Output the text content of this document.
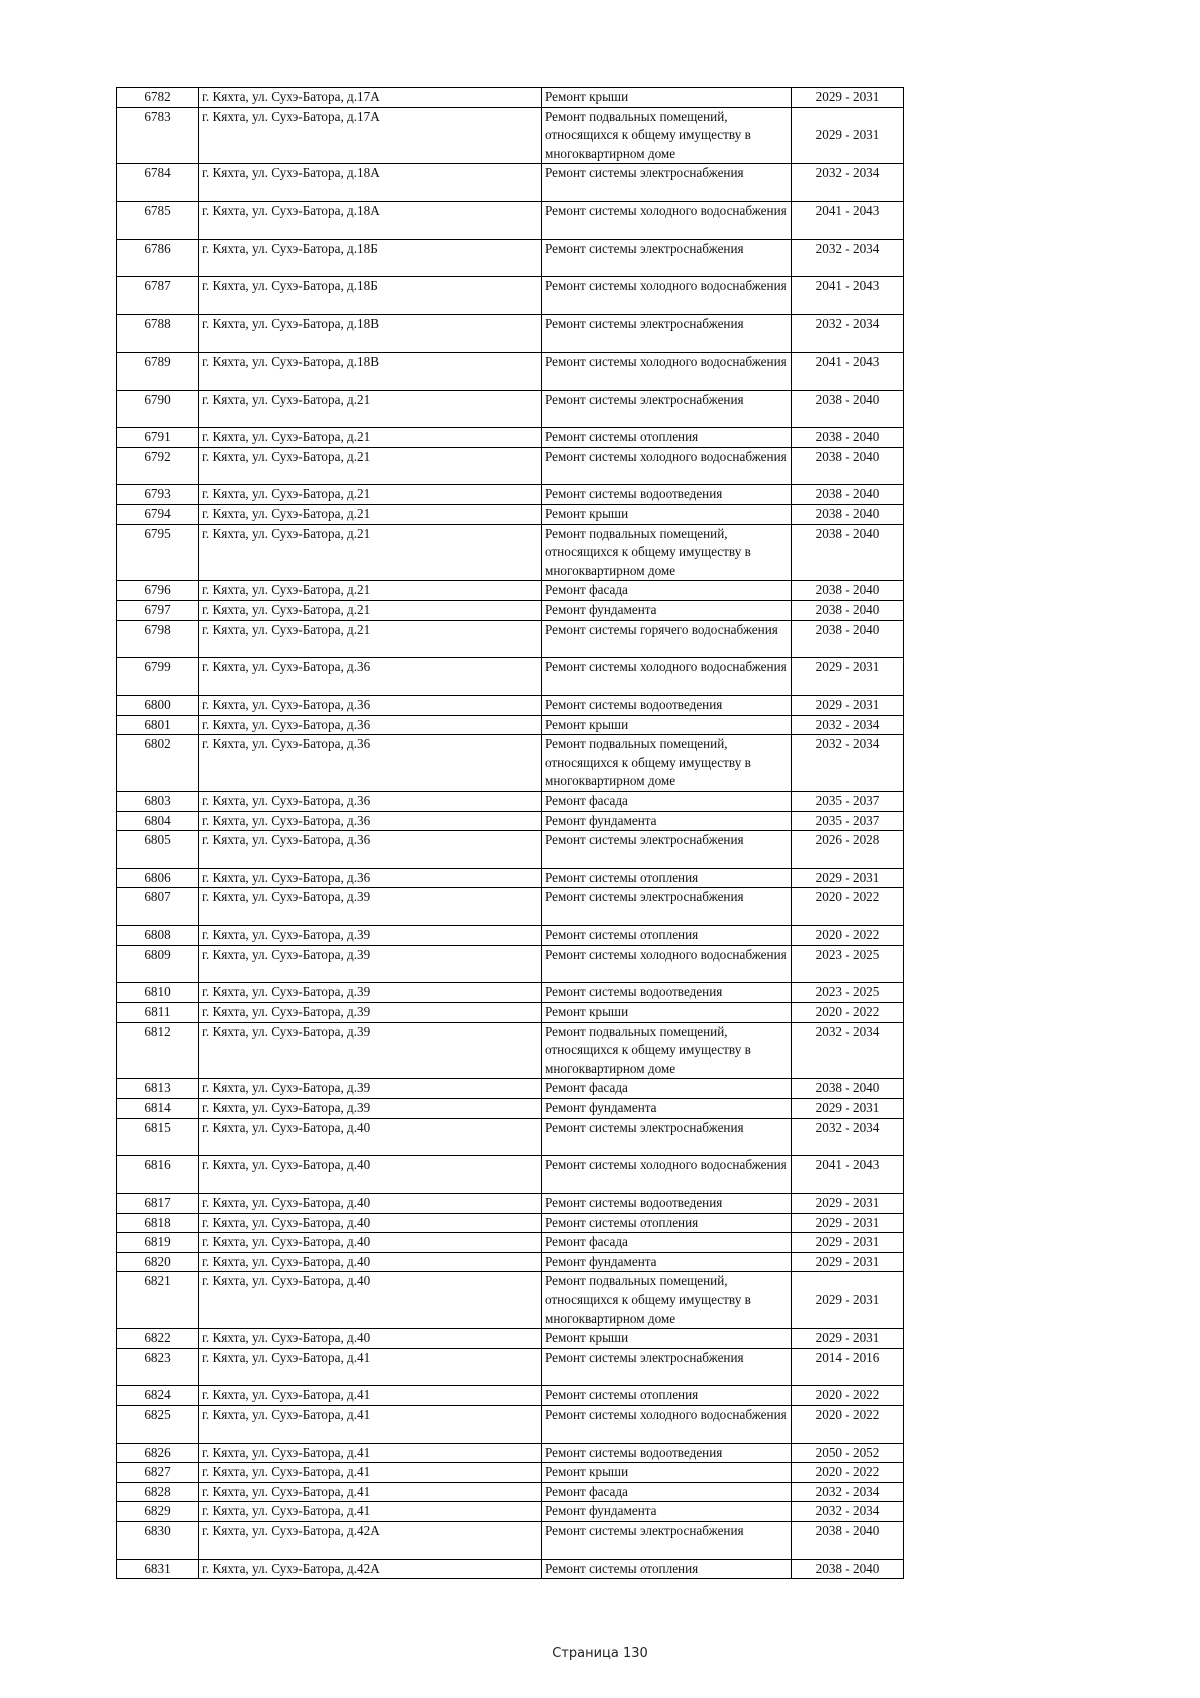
6782	г. Кяхта, ул. Сухэ-Батора, д.17А	Ремонт крыши	2029 - 2031
6783	г. Кяхта, ул. Сухэ-Батора, д.17А	Ремонт подвальных помещений, относящихся к общему имуществу в многоквартирном доме	2029 - 2031
6784	г. Кяхта, ул. Сухэ-Батора, д.18А	Ремонт системы электроснабжения	2032 - 2034
6785	г. Кяхта, ул. Сухэ-Батора, д.18А	Ремонт системы холодного водоснабжения	2041 - 2043
6786	г. Кяхта, ул. Сухэ-Батора, д.18Б	Ремонт системы электроснабжения	2032 - 2034
6787	г. Кяхта, ул. Сухэ-Батора, д.18Б	Ремонт системы холодного водоснабжения	2041 - 2043
6788	г. Кяхта, ул. Сухэ-Батора, д.18В	Ремонт системы электроснабжения	2032 - 2034
6789	г. Кяхта, ул. Сухэ-Батора, д.18В	Ремонт системы холодного водоснабжения	2041 - 2043
6790	г. Кяхта, ул. Сухэ-Батора, д.21	Ремонт системы электроснабжения	2038 - 2040
6791	г. Кяхта, ул. Сухэ-Батора, д.21	Ремонт системы отопления	2038 - 2040
6792	г. Кяхта, ул. Сухэ-Батора, д.21	Ремонт системы холодного водоснабжения	2038 - 2040
6793	г. Кяхта, ул. Сухэ-Батора, д.21	Ремонт системы водоотведения	2038 - 2040
6794	г. Кяхта, ул. Сухэ-Батора, д.21	Ремонт крыши	2038 - 2040
6795	г. Кяхта, ул. Сухэ-Батора, д.21	Ремонт подвальных помещений, относящихся к общему имуществу в многоквартирном доме	2038 - 2040
6796	г. Кяхта, ул. Сухэ-Батора, д.21	Ремонт фасада	2038 - 2040
6797	г. Кяхта, ул. Сухэ-Батора, д.21	Ремонт фундамента	2038 - 2040
6798	г. Кяхта, ул. Сухэ-Батора, д.21	Ремонт системы горячего водоснабжения	2038 - 2040
6799	г. Кяхта, ул. Сухэ-Батора, д.36	Ремонт системы холодного водоснабжения	2029 - 2031
6800	г. Кяхта, ул. Сухэ-Батора, д.36	Ремонт системы водоотведения	2029 - 2031
6801	г. Кяхта, ул. Сухэ-Батора, д.36	Ремонт крыши	2032 - 2034
6802	г. Кяхта, ул. Сухэ-Батора, д.36	Ремонт подвальных помещений, относящихся к общему имуществу в многоквартирном доме	2032 - 2034
6803	г. Кяхта, ул. Сухэ-Батора, д.36	Ремонт фасада	2035 - 2037
6804	г. Кяхта, ул. Сухэ-Батора, д.36	Ремонт фундамента	2035 - 2037
6805	г. Кяхта, ул. Сухэ-Батора, д.36	Ремонт системы электроснабжения	2026 - 2028
6806	г. Кяхта, ул. Сухэ-Батора, д.36	Ремонт системы отопления	2029 - 2031
6807	г. Кяхта, ул. Сухэ-Батора, д.39	Ремонт системы электроснабжения	2020 - 2022
6808	г. Кяхта, ул. Сухэ-Батора, д.39	Ремонт системы отопления	2020 - 2022
6809	г. Кяхта, ул. Сухэ-Батора, д.39	Ремонт системы холодного водоснабжения	2023 - 2025
6810	г. Кяхта, ул. Сухэ-Батора, д.39	Ремонт системы водоотведения	2023 - 2025
6811	г. Кяхта, ул. Сухэ-Батора, д.39	Ремонт крыши	2020 - 2022
6812	г. Кяхта, ул. Сухэ-Батора, д.39	Ремонт подвальных помещений, относящихся к общему имуществу в многоквартирном доме	2032 - 2034
6813	г. Кяхта, ул. Сухэ-Батора, д.39	Ремонт фасада	2038 - 2040
6814	г. Кяхта, ул. Сухэ-Батора, д.39	Ремонт фундамента	2029 - 2031
6815	г. Кяхта, ул. Сухэ-Батора, д.40	Ремонт системы электроснабжения	2032 - 2034
6816	г. Кяхта, ул. Сухэ-Батора, д.40	Ремонт системы холодного водоснабжения	2041 - 2043
6817	г. Кяхта, ул. Сухэ-Батора, д.40	Ремонт системы водоотведения	2029 - 2031
6818	г. Кяхта, ул. Сухэ-Батора, д.40	Ремонт системы отопления	2029 - 2031
6819	г. Кяхта, ул. Сухэ-Батора, д.40	Ремонт фасада	2029 - 2031
6820	г. Кяхта, ул. Сухэ-Батора, д.40	Ремонт фундамента	2029 - 2031
6821	г. Кяхта, ул. Сухэ-Батора, д.40	Ремонт подвальных помещений, относящихся к общему имуществу в многоквартирном доме	2029 - 2031
6822	г. Кяхта, ул. Сухэ-Батора, д.40	Ремонт крыши	2029 - 2031
6823	г. Кяхта, ул. Сухэ-Батора, д.41	Ремонт системы электроснабжения	2014 - 2016
6824	г. Кяхта, ул. Сухэ-Батора, д.41	Ремонт системы отопления	2020 - 2022
6825	г. Кяхта, ул. Сухэ-Батора, д.41	Ремонт системы холодного водоснабжения	2020 - 2022
6826	г. Кяхта, ул. Сухэ-Батора, д.41	Ремонт системы водоотведения	2050 - 2052
6827	г. Кяхта, ул. Сухэ-Батора, д.41	Ремонт крыши	2020 - 2022
6828	г. Кяхта, ул. Сухэ-Батора, д.41	Ремонт фасада	2032 - 2034
6829	г. Кяхта, ул. Сухэ-Батора, д.41	Ремонт фундамента	2032 - 2034
6830	г. Кяхта, ул. Сухэ-Батора, д.42А	Ремонт системы электроснабжения	2038 - 2040
6831	г. Кяхта, ул. Сухэ-Батора, д.42А	Ремонт системы отопления	2038 - 2040
Страница 130
